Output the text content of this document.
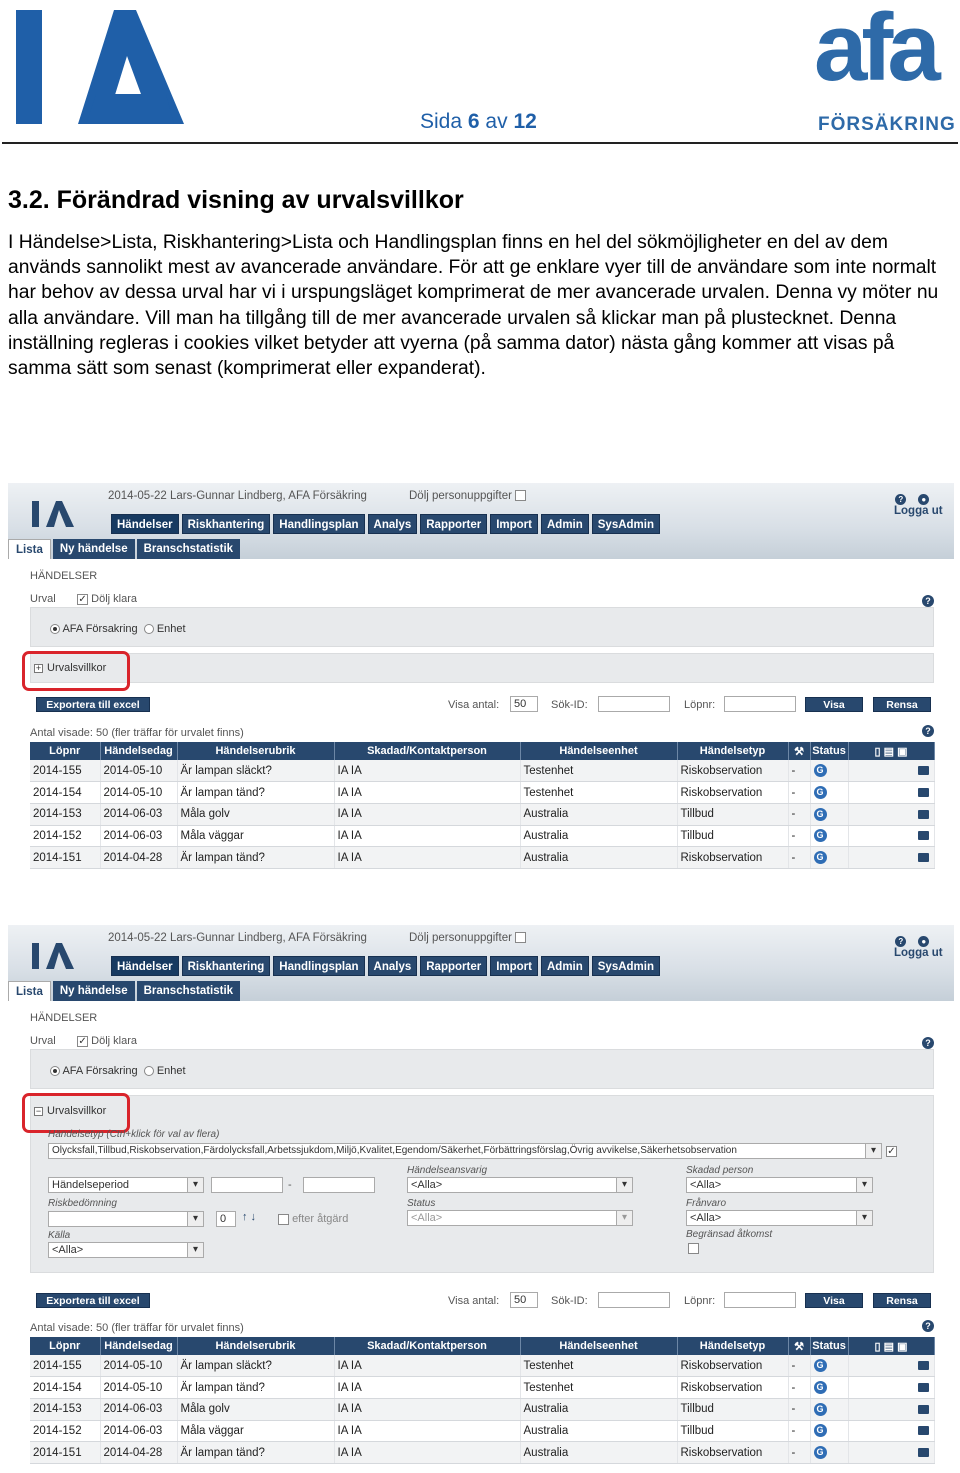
Sida 6 av 12
afa
FÖRSÄKRING
3.2. Förändrad visning av urvalsvillkor

I Händelse>Lista, Riskhantering>Lista och Handlingsplan finns en hel del sökmöjligheter en del av dem används sannolikt mest av avancerade användare. För att ge enklare vyer till de användare som inte normalt har behov av dessa urval har vi i urspungsläget komprimerat de mer avancerade urvalen. Denna vy möter nu alla användare. Vill man ha tillgång till de mer avancerade urvalen så klickar man på plustecknet. Denna inställning regleras i cookies vilket betyder att vyerna (på samma dator) nästa gång kommer att visas på samma sätt som senast (komprimerat eller expanderat).

2014-05-22 Lars-Gunnar Lindberg, AFA Försäkring	Dölj personuppgifter	? ●
Logga ut
Händelser	Riskhantering	Handlingsplan	Analys	Rapporter	Import	Admin	SysAdmin
Lista	Ny händelse	Branschstatistik
HÄNDELSER
Urval ✓	Dölj klara	?
AFA Försakring Enhet
+ Urvalsvillkor
Exportera till excel	Visa antal:	50	Sök-ID:	Löpnr:	Visa	Rensa
Antal visade: 50 (fler träffar för urvalet finns)	?
Löpnr	Händelsedag	Händelserubrik	Skadad/Kontaktperson	Händelseenhet	Händelsetyp	⚒	Status	▯ ▤ ▣
2014-155	2014-05-10	Är lampan släckt?	IA IA	Testenhet	Riskobservation	-	G	
2014-154	2014-05-10	Är lampan tänd?	IA IA	Testenhet	Riskobservation	-	G	
2014-153	2014-06-03	Måla golv	IA IA	Australia	Tillbud	-	G	
2014-152	2014-06-03	Måla väggar	IA IA	Australia	Tillbud	-	G	
2014-151	2014-04-28	Är lampan tänd?	IA IA	Australia	Riskobservation	-	G	
2014-05-22 Lars-Gunnar Lindberg, AFA Försäkring	Dölj personuppgifter	? ●
Logga ut
Händelser	Riskhantering	Handlingsplan	Analys	Rapporter	Import	Admin	SysAdmin
Lista	Ny händelse	Branschstatistik
HÄNDELSER
Urval ✓	Dölj klara	?
AFA Försakring Enhet
− Urvalsvillkor
Händelsetyp (Ctrl+klick för val av flera)
Olycksfall,Tillbud,Riskobservation,Färdolycksfall,Arbetssjukdom,Miljö,Kvalitet,Egendom/Säkerhet,Förbättringsförslag,Övrig avvikelse,Säkerhetsobservation ▾
✓
Händelseperiod ▾	-
Riskbedömning
▾
0	↑ ↓	efter åtgärd
Källa
<Alla> ▾
Händelseansvarig
<Alla> ▾
Status
<Alla> ▾
Skadad person
<Alla> ▾
Frånvaro
<Alla> ▾
Begränsad åtkomst
Exportera till excel	Visa antal:	50	Sök-ID:	Löpnr:	Visa	Rensa
Antal visade: 50 (fler träffar för urvalet finns)	?
Löpnr	Händelsedag	Händelserubrik	Skadad/Kontaktperson	Händelseenhet	Händelsetyp	⚒	Status	▯ ▤ ▣
2014-155	2014-05-10	Är lampan släckt?	IA IA	Testenhet	Riskobservation	-	G	
2014-154	2014-05-10	Är lampan tänd?	IA IA	Testenhet	Riskobservation	-	G	
2014-153	2014-06-03	Måla golv	IA IA	Australia	Tillbud	-	G	
2014-152	2014-06-03	Måla väggar	IA IA	Australia	Tillbud	-	G	
2014-151	2014-04-28	Är lampan tänd?	IA IA	Australia	Riskobservation	-	G	
